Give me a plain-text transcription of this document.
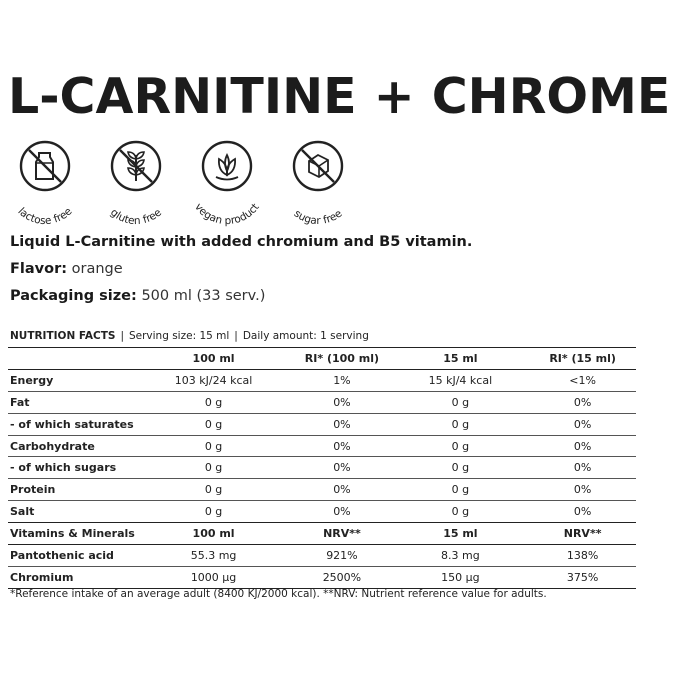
L-CARNITINE + CHROME
lactose free	gluten free	vegan product
sugar free
Liquid L-Carnitine with added chromium and B5 vitamin.
Flavor: orange
Packaging size: 500 ml (33 serv.)
NUTRITION FACTS | Serving size: 15 ml | Daily amount: 1 serving
	100 ml	RI* (100 ml)	15 ml	RI* (15 ml)
Energy	103 kJ/24 kcal	1%	15 kJ/4 kcal	<1%
Fat	0 g	0%	0 g	0%
- of which saturates	0 g	0%	0 g	0%
Carbohydrate	0 g	0%	0 g	0%
- of which sugars	0 g	0%	0 g	0%
Protein	0 g	0%	0 g	0%
Salt	0 g	0%	0 g	0%
Vitamins & Minerals	100 ml	NRV**	15 ml	NRV**
Pantothenic acid	55.3 mg	921%	8.3 mg	138%
Chromium	1000 µg	2500%	150 µg	375%
*Reference intake of an average adult (8400 KJ/2000 kcal). **NRV: Nutrient reference value for adults.
